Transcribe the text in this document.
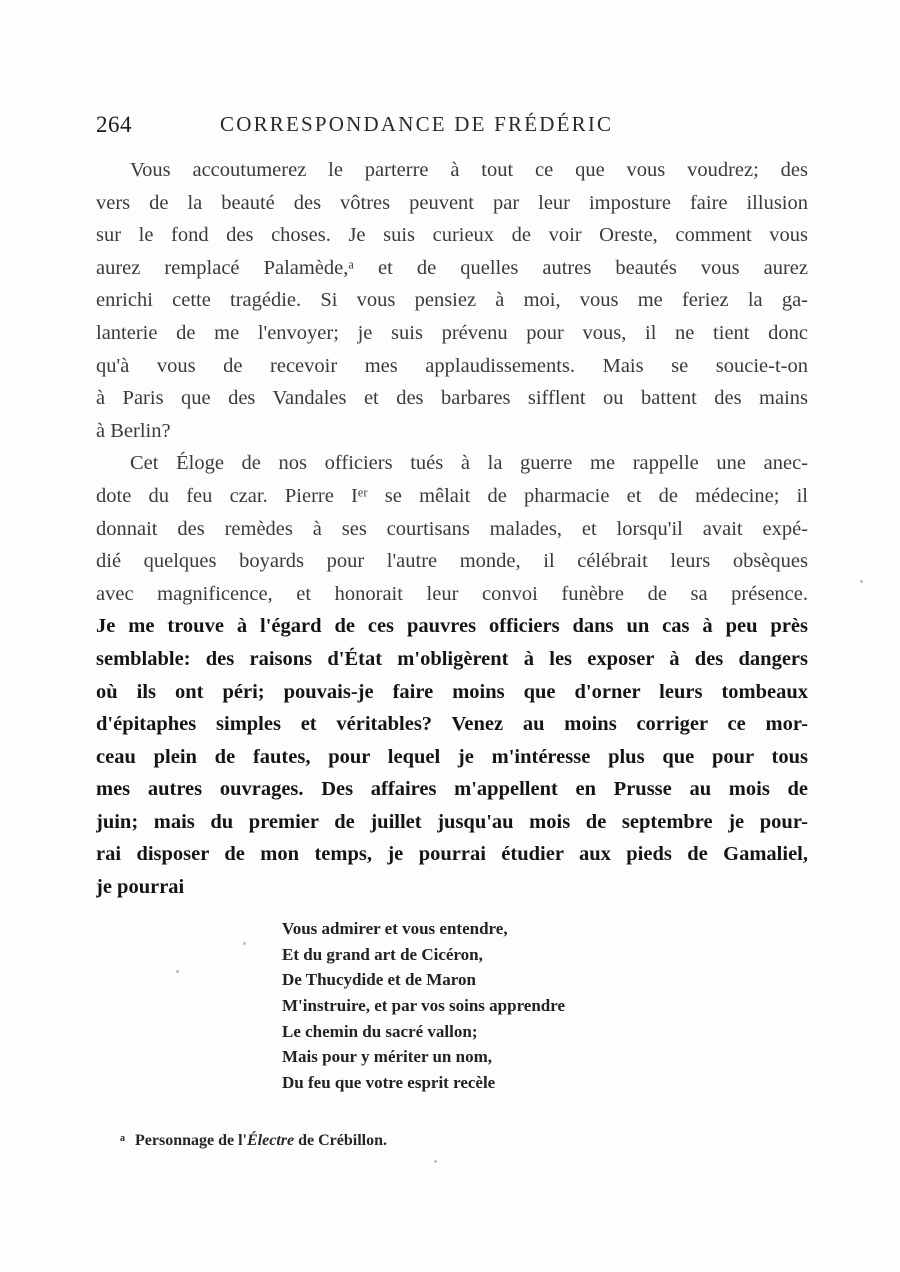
264	CORRESPONDANCE DE FRÉDÉRIC
Vous accoutumerez le parterre à tout ce que vous voudrez; des
vers de la beauté des vôtres peuvent par leur imposture faire illusion
sur le fond des choses. Je suis curieux de voir Oreste, comment vous
aurez remplacé Palamède,ᵃ et de quelles autres beautés vous aurez
enrichi cette tragédie. Si vous pensiez à moi, vous me feriez la ga-
lanterie de me l'envoyer; je suis prévenu pour vous, il ne tient donc
qu'à vous de recevoir mes applaudissements. Mais se soucie-t-on
à Paris que des Vandales et des barbares sifflent ou battent des mains
à Berlin?
Cet Éloge de nos officiers tués à la guerre me rappelle une anec-
dote du feu czar. Pierre Iᵉʳ se mêlait de pharmacie et de médecine; il
donnait des remèdes à ses courtisans malades, et lorsqu'il avait expé-
dié quelques boyards pour l'autre monde, il célébrait leurs obsèques
avec magnificence, et honorait leur convoi funèbre de sa présence.
Je me trouve à l'égard de ces pauvres officiers dans un cas à peu près
semblable: des raisons d'État m'obligèrent à les exposer à des dangers
où ils ont péri; pouvais-je faire moins que d'orner leurs tombeaux
d'épitaphes simples et véritables? Venez au moins corriger ce mor-
ceau plein de fautes, pour lequel je m'intéresse plus que pour tous
mes autres ouvrages. Des affaires m'appellent en Prusse au mois de
juin; mais du premier de juillet jusqu'au mois de septembre je pour-
rai disposer de mon temps, je pourrai étudier aux pieds de Gamaliel,
je pourrai
Vous admirer et vous entendre,
Et du grand art de Cicéron,
De Thucydide et de Maron
M'instruire, et par vos soins apprendre
Le chemin du sacré vallon;
Mais pour y mériter un nom,
Du feu que votre esprit recèle
$^a$ Personnage de l'Électre de Crébillon.
